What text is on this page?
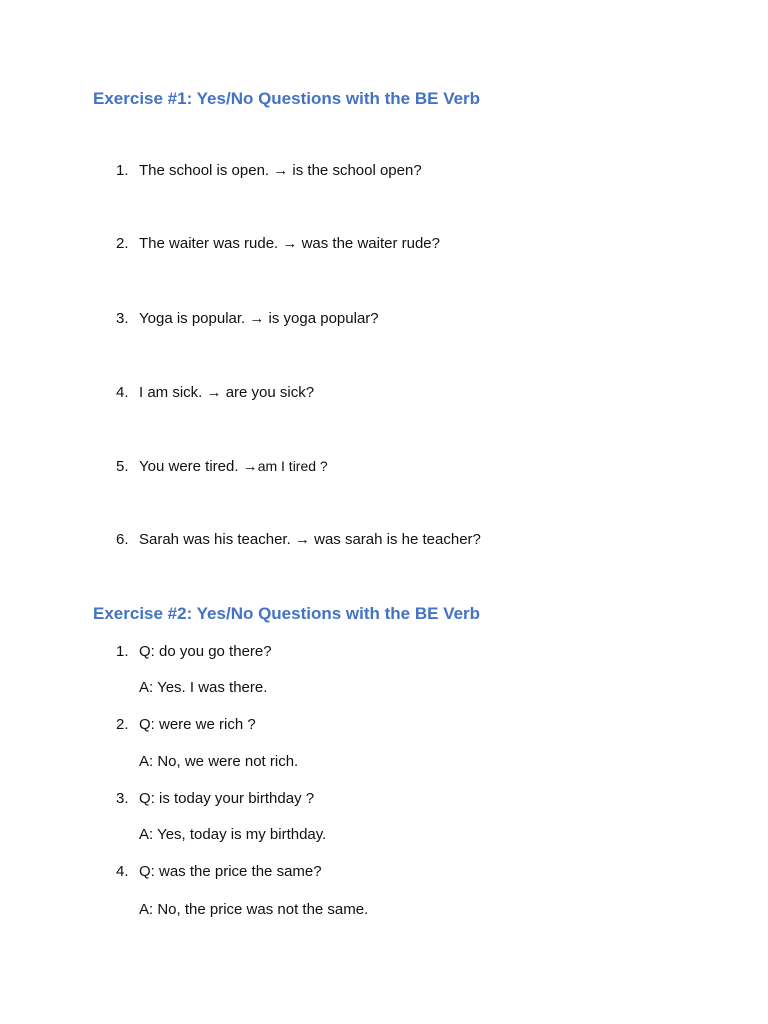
Exercise #1: Yes/No Questions with the BE Verb
1. The school is open. → is the school open?
2. The waiter was rude. → was the waiter rude?
3. Yoga is popular. → is yoga popular?
4. I am sick. → are you sick?
5. You were tired. →am I tired ?
6. Sarah was his teacher. → was sarah is he teacher?
Exercise #2: Yes/No Questions with the BE Verb
1. Q: do you go there?
A: Yes. I was there.
2. Q: were we rich ?
A: No, we were not rich.
3. Q: is today your birthday ?
A: Yes, today is my birthday.
4. Q: was the price the same?
A: No, the price was not the same.
